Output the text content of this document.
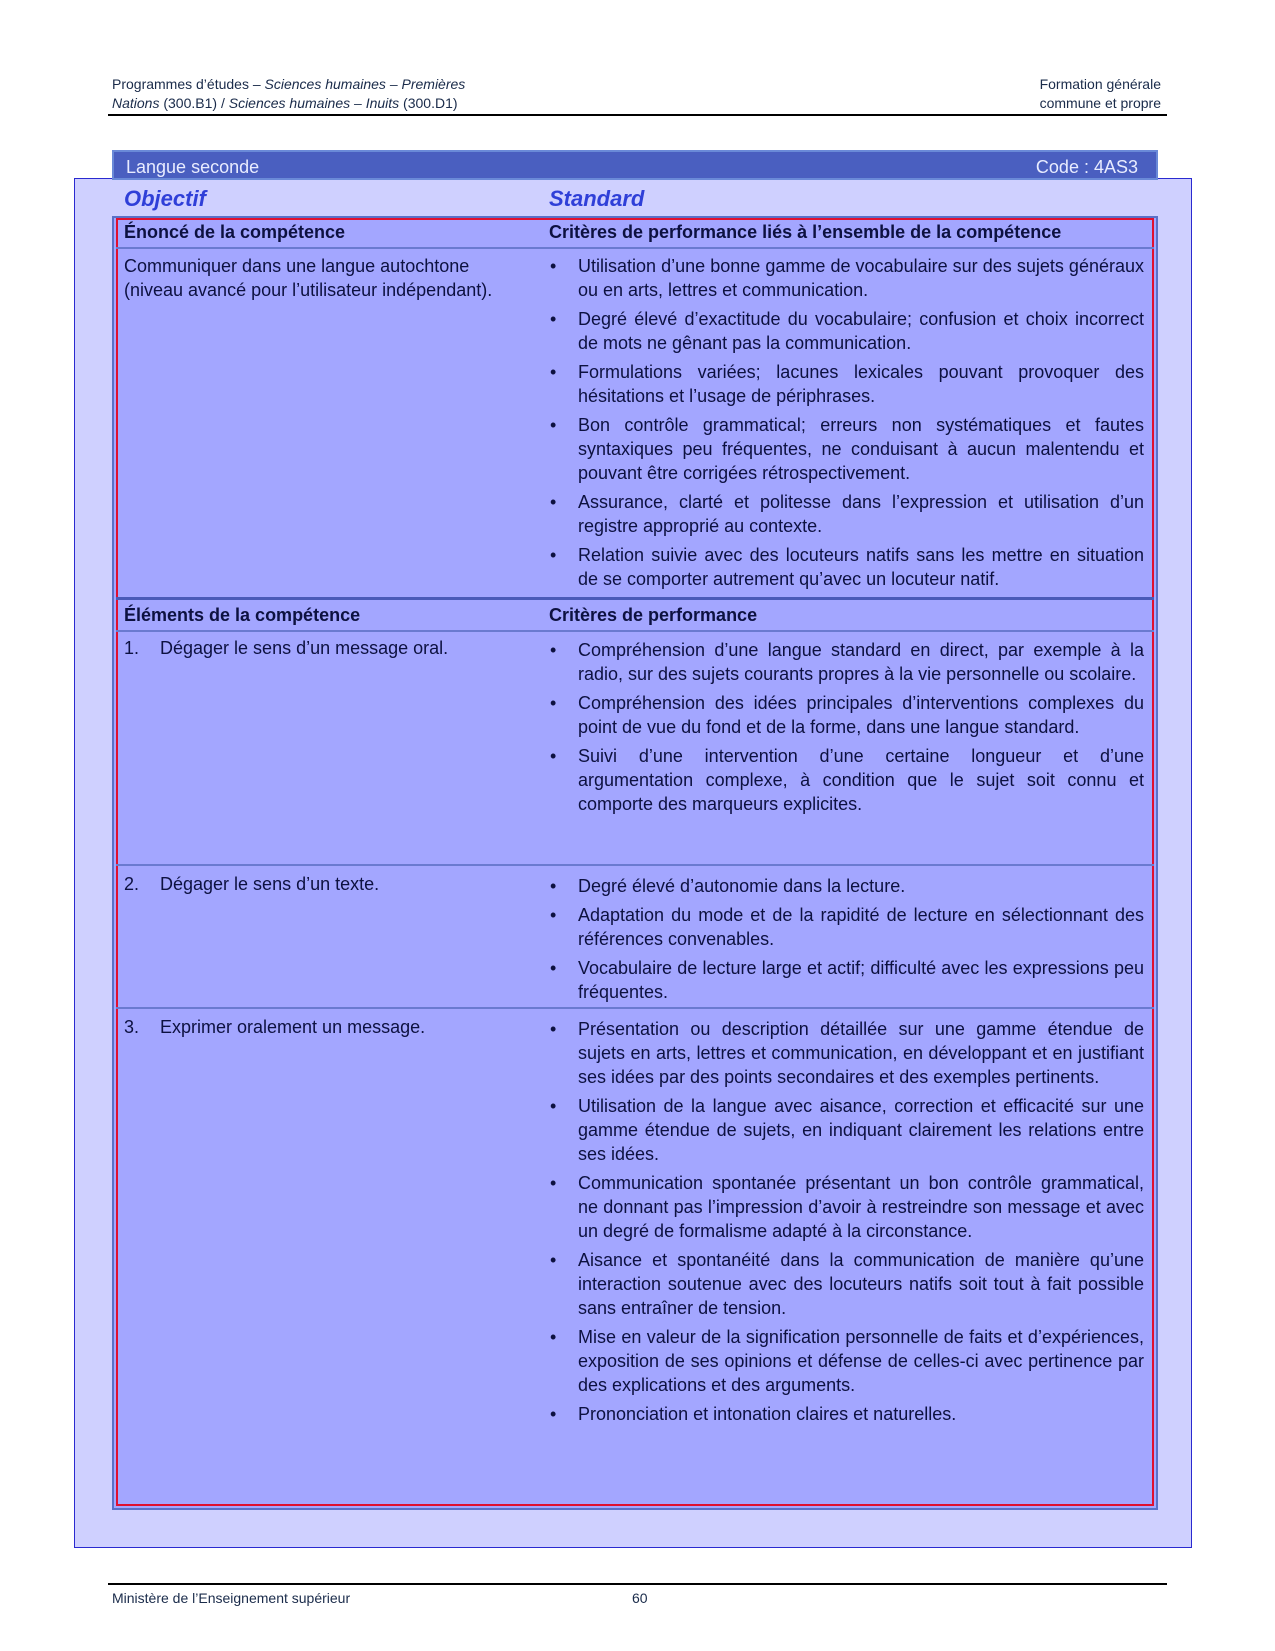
Programmes d’études – Sciences humaines – Premières
Nations (300.B1) / Sciences humaines – Inuits (300.D1)
Formation générale
commune et propre
Langue seconde	Code : 4AS3
Objectif	Standard
Énoncé de la compétence	Critères de performance liés à l’ensemble de la compétence
Communiquer dans une langue autochtone (niveau avancé pour l’utilisateur indépendant).
• Utilisation d’une bonne gamme de vocabulaire sur des sujets généraux ou en arts, lettres et communication.
• Degré élevé d’exactitude du vocabulaire; confusion et choix incorrect de mots ne gênant pas la communication.
• Formulations variées; lacunes lexicales pouvant provoquer des hésitations et l’usage de périphrases.
• Bon contrôle grammatical; erreurs non systématiques et fautes syntaxiques peu fréquentes, ne conduisant à aucun malentendu et pouvant être corrigées rétrospectivement.
• Assurance, clarté et politesse dans l’expression et utilisation d’un registre approprié au contexte.
• Relation suivie avec des locuteurs natifs sans les mettre en situation de se comporter autrement qu’avec un locuteur natif.
Éléments de la compétence	Critères de performance
1. Dégager le sens d’un message oral.	• Compréhension d’une langue standard en direct, par exemple à la radio, sur des sujets courants propres à la vie personnelle ou scolaire.
• Compréhension des idées principales d’interventions complexes du point de vue du fond et de la forme, dans une langue standard.
• Suivi d’une intervention d’une certaine longueur et d’une argumentation complexe, à condition que le sujet soit connu et comporte des marqueurs explicites.
2. Dégager le sens d’un texte.	• Degré élevé d’autonomie dans la lecture.
• Adaptation du mode et de la rapidité de lecture en sélectionnant des références convenables.
• Vocabulaire de lecture large et actif; difficulté avec les expressions peu fréquentes.
3. Exprimer oralement un message.	• Présentation ou description détaillée sur une gamme étendue de sujets en arts, lettres et communication, en développant et en justifiant ses idées par des points secondaires et des exemples pertinents.
• Utilisation de la langue avec aisance, correction et efficacité sur une gamme étendue de sujets, en indiquant clairement les relations entre ses idées.
• Communication spontanée présentant un bon contrôle grammatical, ne donnant pas l’impression d’avoir à restreindre son message et avec un degré de formalisme adapté à la circonstance.
• Aisance et spontanéité dans la communication de manière qu’une interaction soutenue avec des locuteurs natifs soit tout à fait possible sans entraîner de tension.
• Mise en valeur de la signification personnelle de faits et d’expériences, exposition de ses opinions et défense de celles-ci avec pertinence par des explications et des arguments.
• Prononciation et intonation claires et naturelles.
Ministère de l’Enseignement supérieur	60
